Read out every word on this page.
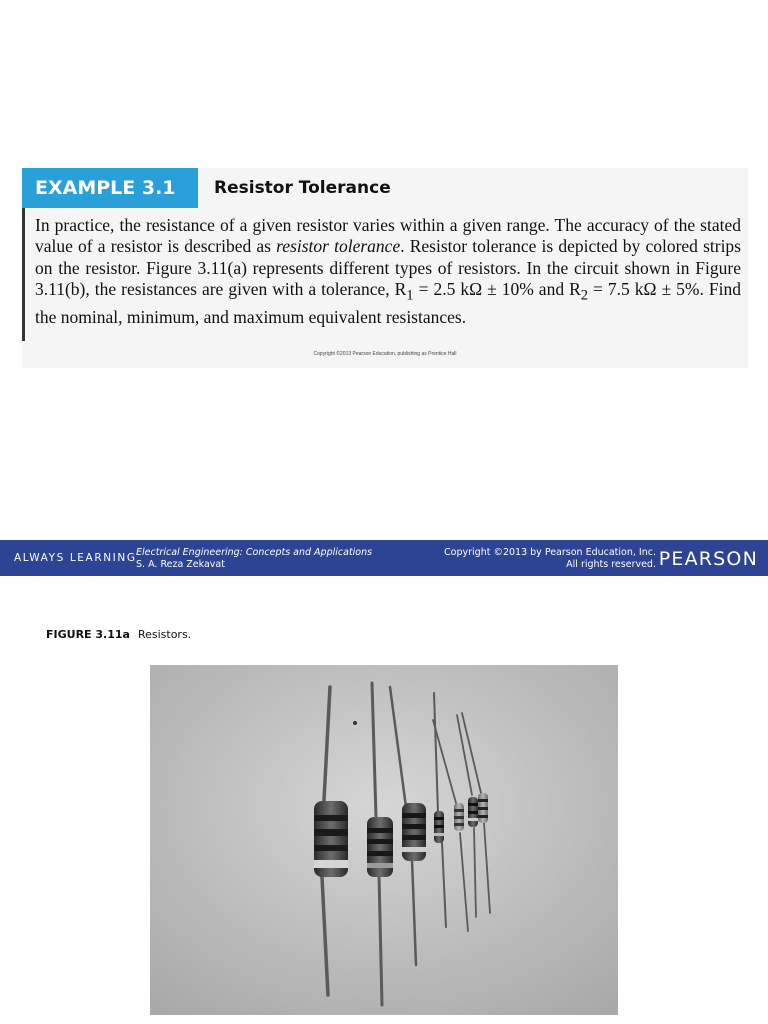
EXAMPLE 3.1	Resistor Tolerance
In practice, the resistance of a given resistor varies within a given range. The accuracy of the stated value of a resistor is described as resistor tolerance. Resistor tolerance is depicted by colored strips on the resistor. Figure 3.11(a) represents different types of resistors. In the circuit shown in Figure 3.11(b), the resistances are given with a tolerance, $R_1 = 2.5$ kΩ ± 10% and $R_2 = 7.5$ kΩ ± 5%. Find the nominal, minimum, and maximum equivalent resistances.
Copyright ©2013 Pearson Education, publishing as Prentice Hall
ALWAYS LEARNING Electrical Engineering: Concepts and Applications
S. A. Reza Zekavat
Copyright ©2013 by Pearson Education, Inc.
All rights reserved. PEARSON
FIGURE 3.11a Resistors.
